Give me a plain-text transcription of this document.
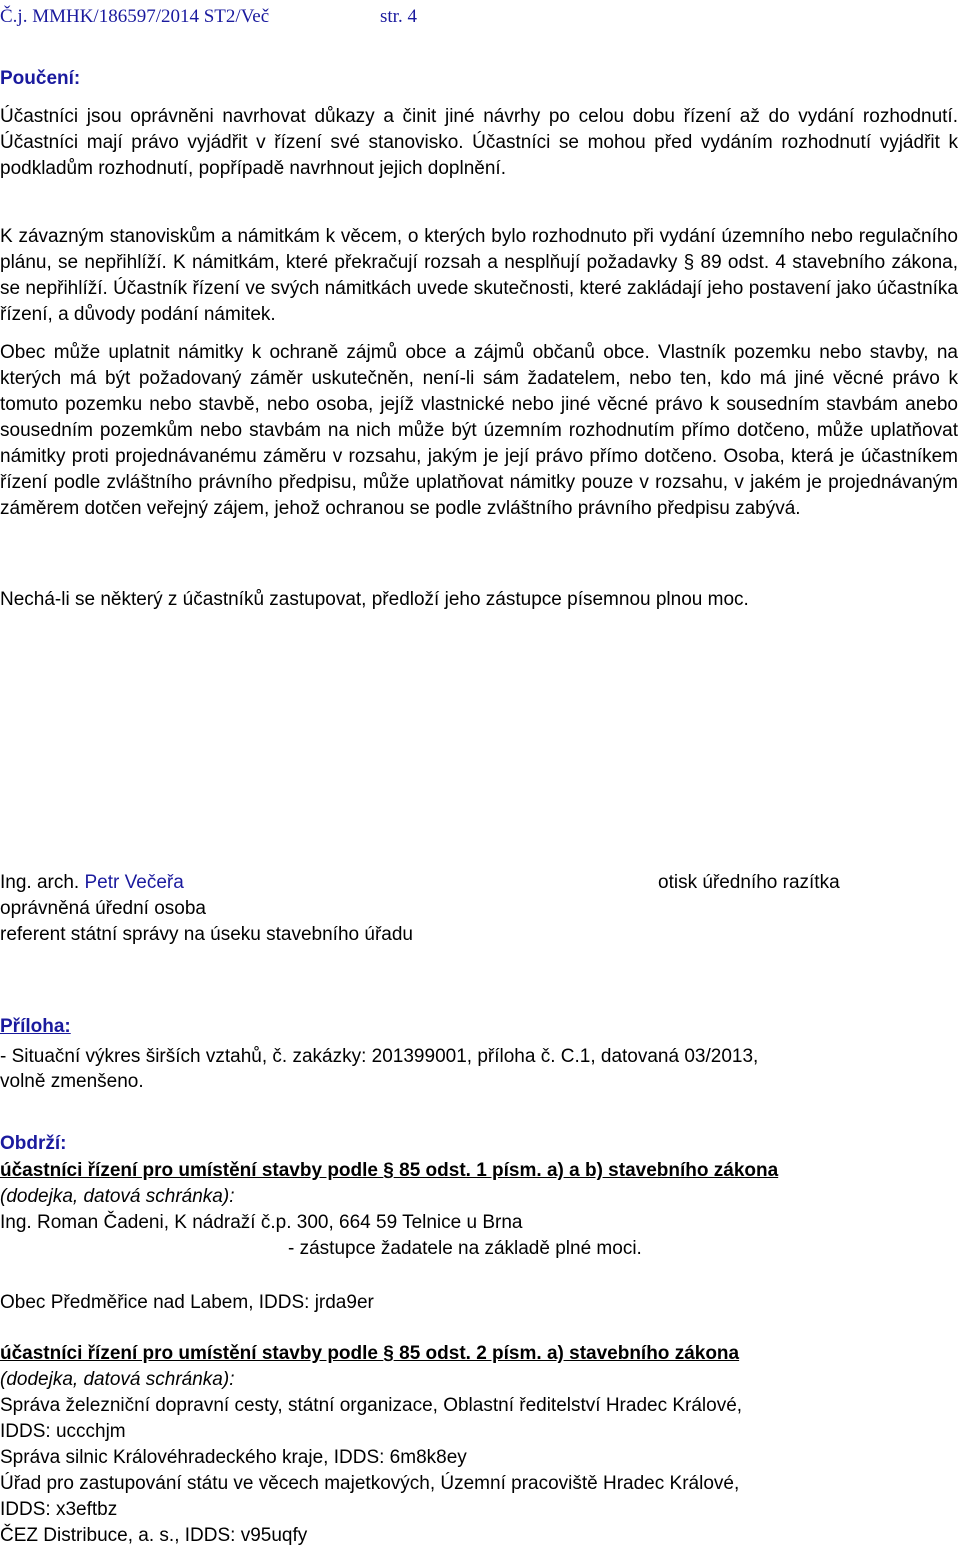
Č.j. MMHK/186597/2014 ST2/Več	str. 4
Poučení:
Účastníci jsou oprávněni navrhovat důkazy a činit jiné návrhy po celou dobu řízení až do vydání rozhodnutí. Účastníci mají právo vyjádřit v řízení své stanovisko. Účastníci se mohou před vydáním rozhodnutí vyjádřit k podkladům rozhodnutí, popřípadě navrhnout jejich doplnění.
K závazným stanoviskům a námitkám k věcem, o kterých bylo rozhodnuto při vydání územního nebo regulačního plánu, se nepřihlíží. K námitkám, které překračují rozsah a nesplňují požadavky § 89 odst. 4 stavebního zákona, se nepřihlíží. Účastník řízení ve svých námitkách uvede skutečnosti, které zakládají jeho postavení jako účastníka řízení, a důvody podání námitek.
Obec může uplatnit námitky k ochraně zájmů obce a zájmů občanů obce. Vlastník pozemku nebo stavby, na kterých má být požadovaný záměr uskutečněn, není-li sám žadatelem, nebo ten, kdo má jiné věcné právo k tomuto pozemku nebo stavbě, nebo osoba, jejíž vlastnické nebo jiné věcné právo k sousedním stavbám anebo sousedním pozemkům nebo stavbám na nich může být územním rozhodnutím přímo dotčeno, může uplatňovat námitky proti projednávanému záměru v rozsahu, jakým je její právo přímo dotčeno. Osoba, která je účastníkem řízení podle zvláštního právního předpisu, může uplatňovat námitky pouze v rozsahu, v jakém je projednávaným záměrem dotčen veřejný zájem, jehož ochranou se podle zvláštního právního předpisu zabývá.
Nechá-li se některý z účastníků zastupovat, předloží jeho zástupce písemnou plnou moc.
Ing. arch. Petr Večeřa
oprávněná úřední osoba
referent státní správy na úseku stavebního úřadu
otisk úředního razítka
Příloha:
- Situační výkres širších vztahů, č. zakázky: 201399001, příloha č. C.1, datovaná 03/2013,
volně zmenšeno.
Obdrží:
účastníci řízení pro umístění stavby podle § 85 odst. 1 písm. a) a b) stavebního zákona
(dodejka, datová schránka):
Ing. Roman Čadeni, K nádraží č.p. 300, 664 59 Telnice u Brna
- zástupce žadatele na základě plné moci.
Obec Předměřice nad Labem, IDDS: jrda9er
účastníci řízení pro umístění stavby podle § 85 odst. 2 písm. a) stavebního zákona
(dodejka, datová schránka):
Správa železniční dopravní cesty, státní organizace, Oblastní ředitelství Hradec Králové,
IDDS: uccchjm
Správa silnic Královéhradeckého kraje, IDDS: 6m8k8ey
Úřad pro zastupování státu ve věcech majetkových, Územní pracoviště Hradec Králové,
IDDS: x3eftbz
ČEZ Distribuce, a. s., IDDS: v95uqfy
